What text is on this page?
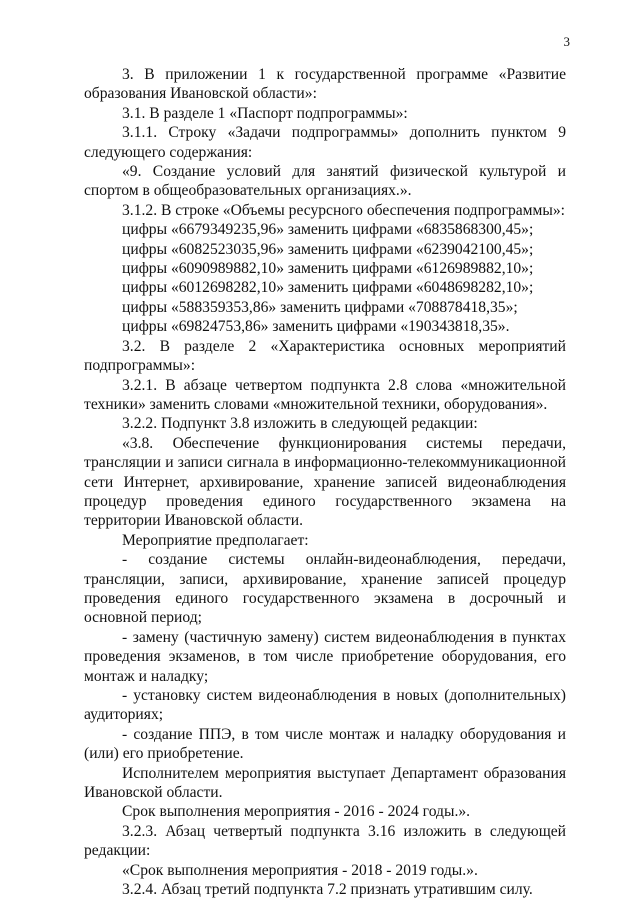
3

3. В приложении 1 к государственной программе «Развитие образования Ивановской области»:

3.1. В разделе 1 «Паспорт подпрограммы»:

3.1.1. Строку «Задачи подпрограммы» дополнить пунктом 9 следующего содержания:

«9. Создание условий для занятий физической культурой и спортом в общеобразовательных организациях.».

3.1.2. В строке «Объемы ресурсного обеспечения подпрограммы»:

цифры «6679349235,96» заменить цифрами «6835868300,45»;

цифры «6082523035,96» заменить цифрами «6239042100,45»;

цифры «6090989882,10» заменить цифрами «6126989882,10»;

цифры «6012698282,10» заменить цифрами «6048698282,10»;

цифры «588359353,86» заменить цифрами «708878418,35»;

цифры «69824753,86» заменить цифрами «190343818,35».

3.2. В разделе 2 «Характеристика основных мероприятий подпрограммы»:

3.2.1. В абзаце четвертом подпункта 2.8 слова «множительной техники» заменить словами «множительной техники, оборудования».

3.2.2. Подпункт 3.8 изложить в следующей редакции:

«3.8. Обеспечение функционирования системы передачи, трансляции и записи сигнала в информационно-телекоммуникационной сети Интернет, архивирование, хранение записей видеонаблюдения процедур проведения единого государственного экзамена на территории Ивановской области.

Мероприятие предполагает:

- создание системы онлайн-видеонаблюдения, передачи, трансляции, записи, архивирование, хранение записей процедур проведения единого государственного экзамена в досрочный и основной период;

- замену (частичную замену) систем видеонаблюдения в пунктах проведения экзаменов, в том числе приобретение оборудования, его монтаж и наладку;

- установку систем видеонаблюдения в новых (дополнительных) аудиториях;

- создание ППЭ, в том числе монтаж и наладку оборудования и (или) его приобретение.

Исполнителем мероприятия выступает Департамент образования Ивановской области.

Срок выполнения мероприятия - 2016 - 2024 годы.».

3.2.3. Абзац четвертый подпункта 3.16 изложить в следующей редакции:

«Срок выполнения мероприятия - 2018 - 2019 годы.».

3.2.4. Абзац третий подпункта 7.2 признать утратившим силу.
